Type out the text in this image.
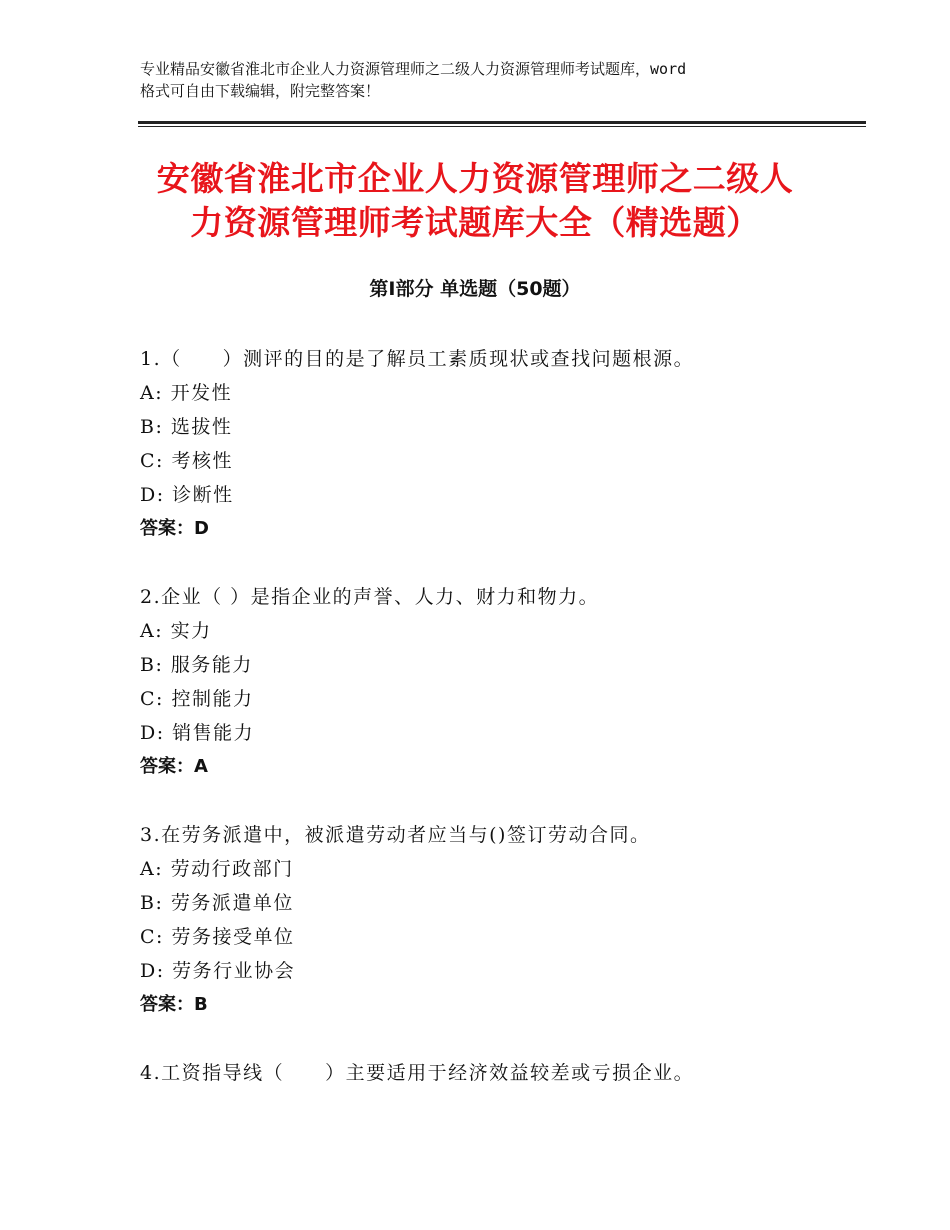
专业精品安徽省淮北市企业人力资源管理师之二级人力资源管理师考试题库，word
格式可自由下载编辑，附完整答案！
安徽省淮北市企业人力资源管理师之二级人
力资源管理师考试题库大全（精选题）
第Ⅰ部分 单选题（50题）
1.（　　）测评的目的是了解员工素质现状或查找问题根源。
A: 开发性
B: 选拔性
C: 考核性
D: 诊断性
答案：D
2.企业（ ）是指企业的声誉、人力、财力和物力。
A: 实力
B: 服务能力
C: 控制能力
D: 销售能力
答案：A
3.在劳务派遣中，被派遣劳动者应当与()签订劳动合同。
A: 劳动行政部门
B: 劳务派遣单位
C: 劳务接受单位
D: 劳务行业协会
答案：B
4.工资指导线（　　）主要适用于经济效益较差或亏损企业。
